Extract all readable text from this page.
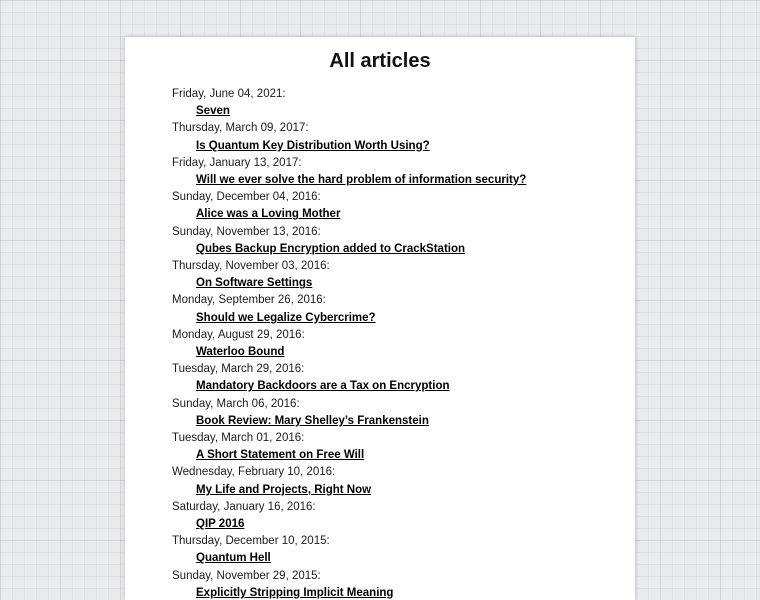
All articles
Friday, June 04, 2021:
Seven
Thursday, March 09, 2017:
Is Quantum Key Distribution Worth Using?
Friday, January 13, 2017:
Will we ever solve the hard problem of information security?
Sunday, December 04, 2016:
Alice was a Loving Mother
Sunday, November 13, 2016:
Qubes Backup Encryption added to CrackStation
Thursday, November 03, 2016:
On Software Settings
Monday, September 26, 2016:
Should we Legalize Cybercrime?
Monday, August 29, 2016:
Waterloo Bound
Tuesday, March 29, 2016:
Mandatory Backdoors are a Tax on Encryption
Sunday, March 06, 2016:
Book Review: Mary Shelley’s Frankenstein
Tuesday, March 01, 2016:
A Short Statement on Free Will
Wednesday, February 10, 2016:
My Life and Projects, Right Now
Saturday, January 16, 2016:
QIP 2016
Thursday, December 10, 2015:
Quantum Hell
Sunday, November 29, 2015:
Explicitly Stripping Implicit Meaning
